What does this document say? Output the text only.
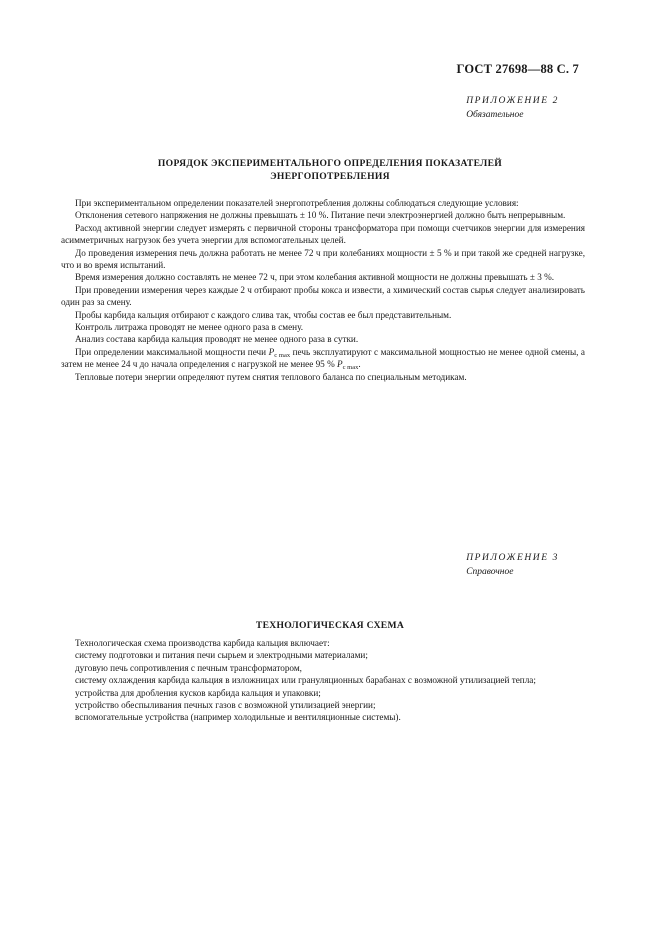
ГОСТ 27698—88 С. 7
ПРИЛОЖЕНИЕ 2
Обязательное
ПОРЯДОК ЭКСПЕРИМЕНТАЛЬНОГО ОПРЕДЕЛЕНИЯ ПОКАЗАТЕЛЕЙ
ЭНЕРГОПОТРЕБЛЕНИЯ

При экспериментальном определении показателей энергопотребления должны соблюдаться следующие условия:

Отклонения сетевого напряжения не должны превышать ± 10 %. Питание печи электроэнергией должно быть непрерывным.

Расход активной энергии следует измерять с первичной стороны трансформатора при помощи счетчиков энергии для измерения асимметричных нагрузок без учета энергии для вспомогательных целей.

До проведения измерения печь должна работать не менее 72 ч при колебаниях мощности ± 5 % и при такой же средней нагрузке, что и во время испытаний.

Время измерения должно составлять не менее 72 ч, при этом колебания активной мощности не должны превышать ± 3 %.

При проведении измерения через каждые 2 ч отбирают пробы кокса и извести, а химический состав сырья следует анализировать один раз за смену.

Пробы карбида кальция отбирают с каждого слива так, чтобы состав ее был представительным.

Контроль литража проводят не менее одного раза в смену.

Анализ состава карбида кальция проводят не менее одного раза в сутки.

При определении максимальной мощности печи $P_{с max}$ печь эксплуатируют с максимальной мощностью не менее одной смены, а затем не менее 24 ч до начала определения с нагрузкой не менее 95 % $P_{с max}$.

Тепловые потери энергии определяют путем снятия теплового баланса по специальным методикам.

ПРИЛОЖЕНИЕ 3
Справочное
ТЕХНОЛОГИЧЕСКАЯ СХЕМА

Технологическая схема производства карбида кальция включает:

систему подготовки и питания печи сырьем и электродными материалами;

дуговую печь сопротивления с печным трансформатором,

систему охлаждения карбида кальция в изложницах или грануляционных барабанах с возможной утилизацией тепла;

устройства для дробления кусков карбида кальция и упаковки;

устройство обеспыливания печных газов с возможной утилизацией энергии;

вспомогательные устройства (например холодильные и вентиляционные системы).
